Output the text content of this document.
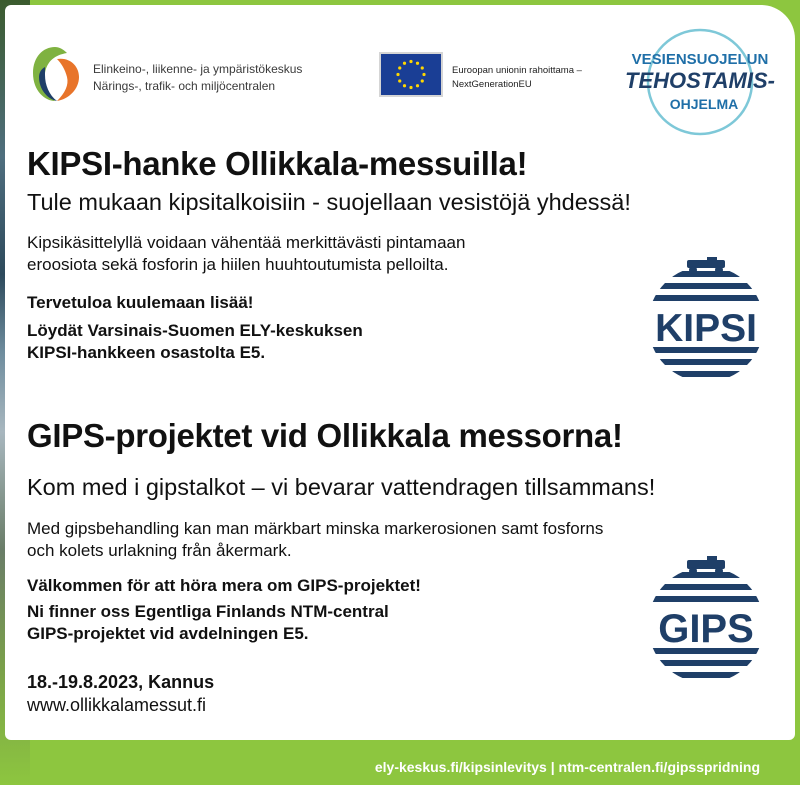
Elinkeino-, liikenne- ja ympäristökeskus
Närings-, trafik- och miljöcentralen
Euroopan unionin rahoittama –
NextGenerationEU
VESIENSUOJELUN
TEHOSTAMIS-
OHJELMA
KIPSI-hanke Ollikkala-messuilla!
Tule mukaan kipsitalkoisiin - suojellaan vesistöjä yhdessä!
Kipsikäsittelyllä voidaan vähentää merkittävästi pintamaan
eroosiota sekä fosforin ja hiilen huuhtoutumista pelloilta.
Tervetuloa kuulemaan lisää!
Löydät Varsinais-Suomen ELY-keskuksen
KIPSI-hankkeen osastolta E5.
KIPSI
GIPS-projektet vid Ollikkala messorna!
Kom med i gipstalkot – vi bevarar vattendragen tillsammans!
Med gipsbehandling kan man märkbart minska markerosionen samt fosforns
och kolets urlakning från åkermark.
Välkommen för att höra mera om GIPS-projektet!
Ni finner oss Egentliga Finlands NTM-central
GIPS-projektet vid avdelningen E5.	GIPS
18.-19.8.2023, Kannus
www.ollikkalamessut.fi
ely-keskus.fi/kipsinlevitys | ntm-centralen.fi/gipsspridning
